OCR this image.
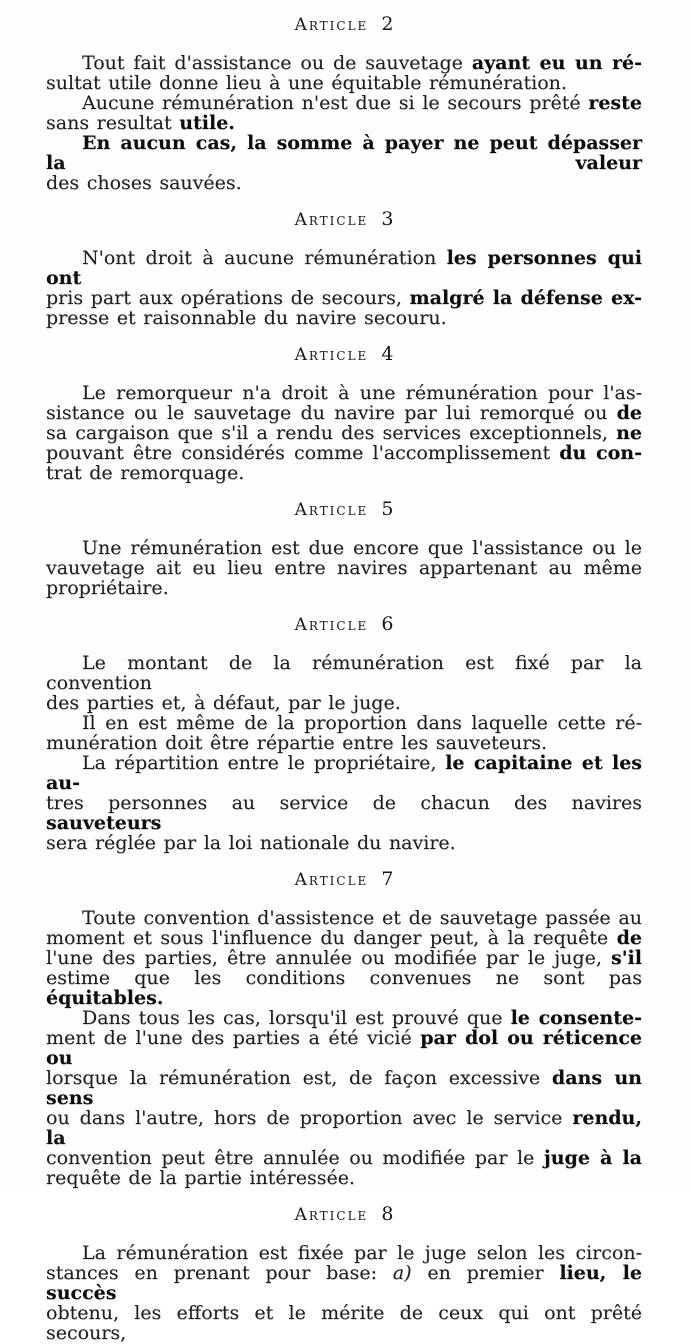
Article 2
Tout fait d'assistance ou de sauvetage ayant eu un ré-
sultat utile donne lieu à une équitable rémunération.
Aucune rémunération n'est due si le secours prêté reste
sans resultat utile.
En aucun cas, la somme à payer ne peut dépasser la valeur
des choses sauvées.
Article 3
N'ont droit à aucune rémunération les personnes qui ont
pris part aux opérations de secours, malgré la défense ex-
presse et raisonnable du navire secouru.
Article 4
Le remorqueur n'a droit à une rémunération pour l'as-
sistance ou le sauvetage du navire par lui remorqué ou de
sa cargaison que s'il a rendu des services exceptionnels, ne
pouvant être considérés comme l'accomplissement du con-
trat de remorquage.
Article 5
Une rémunération est due encore que l'assistance ou le
vauvetage ait eu lieu entre navires appartenant au même
propriétaire.
Article 6
Le montant de la rémunération est fixé par la convention
des parties et, à défaut, par le juge.
Il en est même de la proportion dans laquelle cette ré-
munération doit être répartie entre les sauveteurs.
La répartition entre le propriétaire, le capitaine et les au-
tres personnes au service de chacun des navires sauveteurs
sera réglée par la loi nationale du navire.
Article 7
Toute convention d'assistence et de sauvetage passée au
moment et sous l'influence du danger peut, à la requête de
l'une des parties, être annulée ou modifiée par le juge, s'il
estime que les conditions convenues ne sont pas équitables.
Dans tous les cas, lorsqu'il est prouvé que le consente-
ment de l'une des parties a été vicié par dol ou réticence ou
lorsque la rémunération est, de façon excessive dans un sens
ou dans l'autre, hors de proportion avec le service rendu, la
convention peut être annulée ou modifiée par le juge à la
requête de la partie intéressée.
Article 8
La rémunération est fixée par le juge selon les circon-
stances en prenant pour base: a) en premier lieu, le succès
obtenu, les efforts et le mérite de ceux qui ont prêté secours,
